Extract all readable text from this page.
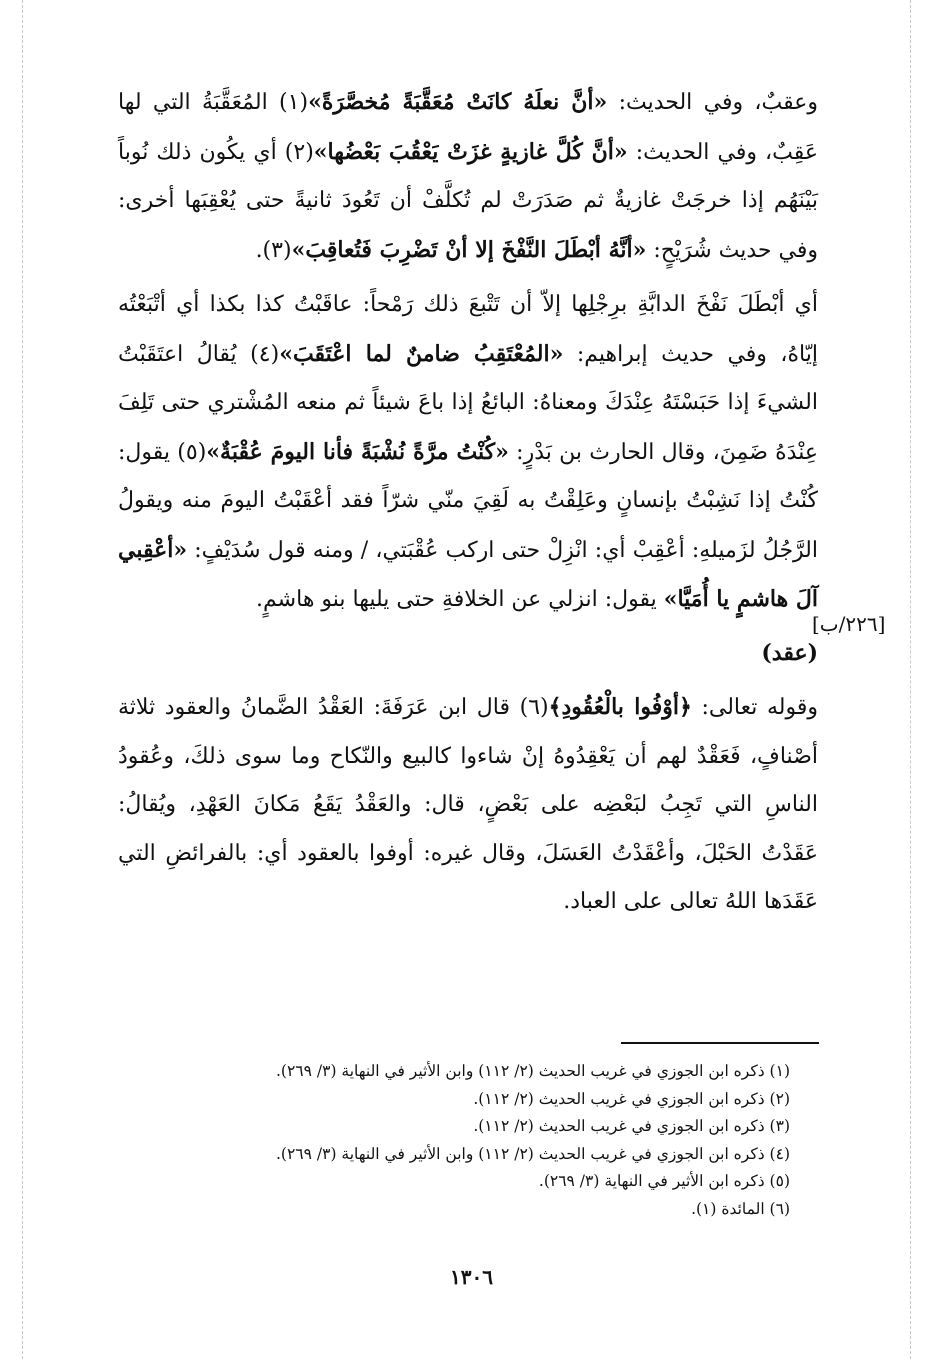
وعقبٌ، وفي الحديث: «أنَّ نعلَهُ كانَتْ مُعَقَّبَةً مُخصَّرَةً»(١) المُعَقَّبَةُ التي لها عَقِبٌ، وفي الحديث: «أنَّ كُلَّ غازيةٍ غزَتْ يَعْقُبَ بَعْضُها»(٢) أي يكُون ذلك نُوباً بَيْنَهُم إذا خرجَتْ غازيةٌ ثم صَدَرَتْ لم تُكلَّفْ أن تَعُودَ ثانيةً حتى يُعْقِبَها أخرى: وفي حديث شُرَيْحٍ: «أنَّهُ أبْطَلَ النَّفْخَ إلا أنْ تَضْرِبَ فَتُعاقِبَ»(٣).

أي أبْطَلَ نَفْخَ الدابَّةِ برِجْلِها إلاّ أن تَتْبعَ ذلك رَمْحاً: عاقَبْتُ كذا بكذا أي أتْبَعْتُه إيّاهُ، وفي حديث إبراهيم: «المُعْتَقِبُ ضامنٌ لما اعْتَقَبَ»(٤) يُقالُ اعتَقَبْتُ الشيءَ إذا حَبَسْتَهُ عِنْدَكَ ومعناهُ: البائعُ إذا باعَ شيئاً ثم منعه المُشْتري حتى تَلِفَ عِنْدَهُ ضَمِنَ، وقال الحارث بن بَدْرٍ: «كُنْتُ مرَّةً نُشْبَةً فأنا اليومَ عُقْبَةٌ»(٥) يقول: كُنْتُ إذا نَشِبْتُ بإنسانٍ وعَلِقْتُ به لَقِيَ منّي شرّاً فقد أعْقَبْتُ اليومَ منه ويقولُ الرَّجُلُ لزَميلهِ: أعْقِبْ أي: انْزِلْ حتى اركب عُقْبَتي، / ومنه قول سُدَيْفٍ: «أعْقِبي آلَ هاشمٍ يا أُمَيَّا» يقول: انزلي عن الخلافةِ حتى يليها بنو هاشمٍ.

(عقد)

وقوله تعالى: ﴿أوْفُوا بالْعُقُودِ﴾(٦) قال ابن عَرَفَةَ: العَقْدُ الضَّمانُ والعقود ثلاثة أصْنافٍ، فَعَقْدٌ لهم أن يَعْقِدُوهُ إنْ شاءوا كالبيع والنّكاح وما سوى ذلكَ، وعُقودُ الناسِ التي تَجِبُ لبَعْضِه على بَعْضٍ، قال: والعَقْدُ يَقَعُ مَكانَ العَهْدِ، ويُقالُ: عَقَدْتُ الحَبْلَ، وأعْقَدْتُ العَسَلَ، وقال غيره: أوفوا بالعقود أي: بالفرائضِ التي عَقَدَها اللهُ تعالى على العباد.

[٢٢٦/ب]
(١) ذكره ابن الجوزي في غريب الحديث (٢/ ١١٢) وابن الأثير في النهاية (٣/ ٢٦٩).
(٢) ذكره ابن الجوزي في غريب الحديث (٢/ ١١٢).
(٣) ذكره ابن الجوزي في غريب الحديث (٢/ ١١٢).
(٤) ذكره ابن الجوزي في غريب الحديث (٢/ ١١٢) وابن الأثير في النهاية (٣/ ٢٦٩).
(٥) ذكره ابن الأثير في النهاية (٣/ ٢٦٩).
(٦) المائدة (١).
١٣٠٦
